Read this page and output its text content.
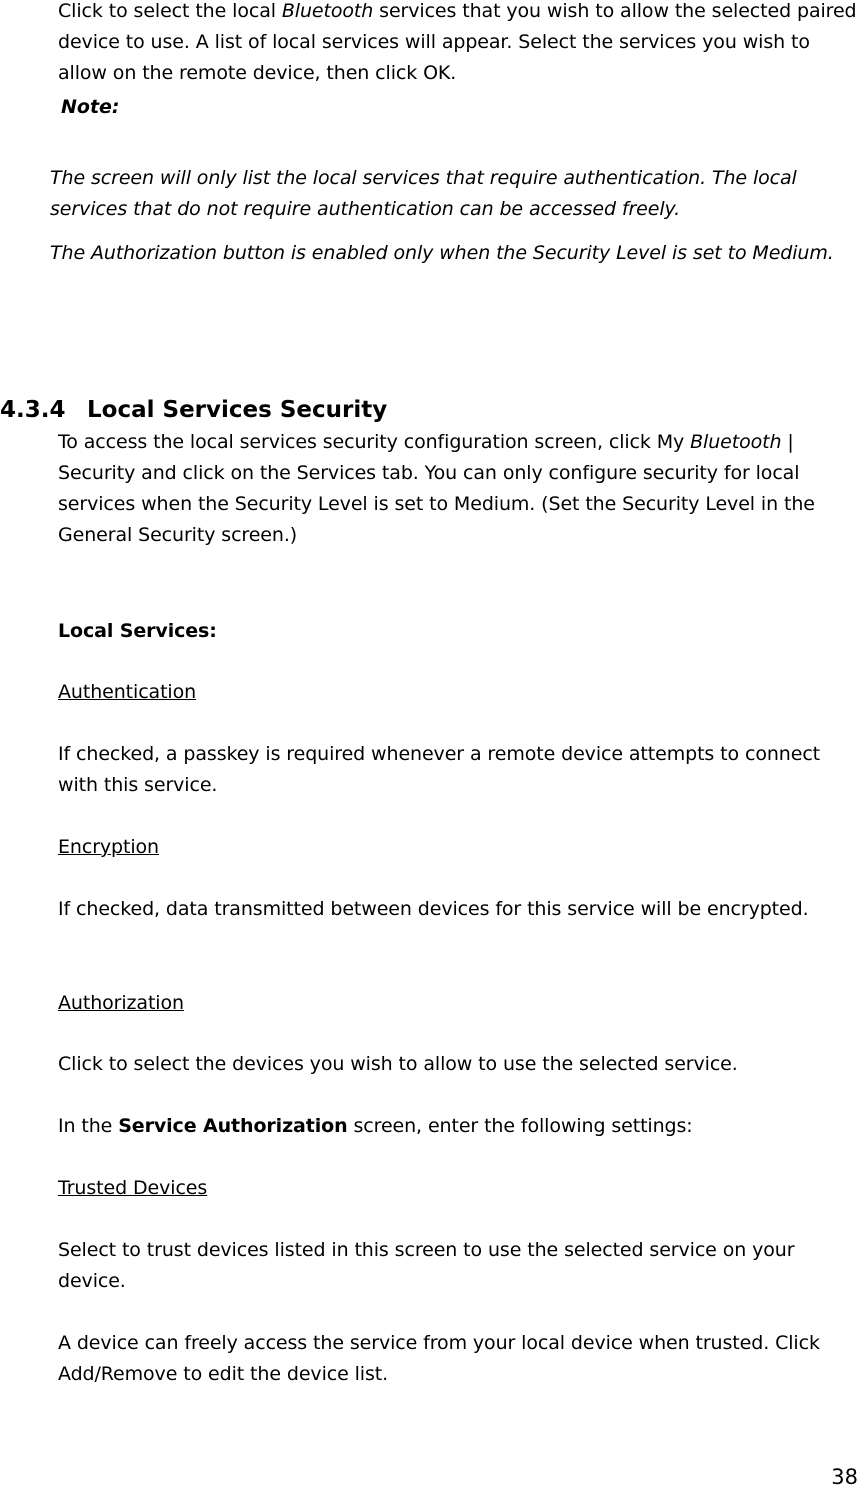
Click to select the local Bluetooth services that you wish to allow the selected paired device to use. A list of local services will appear. Select the services you wish to allow on the remote device, then click OK.

Note:

The screen will only list the local services that require authentication. The local services that do not require authentication can be accessed freely.

The Authorization button is enabled only when the Security Level is set to Medium.

4.3.4 Local Services Security

To access the local services security configuration screen, click My Bluetooth | Security and click on the Services tab. You can only configure security for local services when the Security Level is set to Medium. (Set the Security Level in the General Security screen.)

Local Services:

Authentication

If checked, a passkey is required whenever a remote device attempts to connect with this service.

Encryption

If checked, data transmitted between devices for this service will be encrypted.

Authorization

Click to select the devices you wish to allow to use the selected service.

In the Service Authorization screen, enter the following settings:

Trusted Devices

Select to trust devices listed in this screen to use the selected service on your device.

A device can freely access the service from your local device when trusted. Click Add/Remove to edit the device list.

38
